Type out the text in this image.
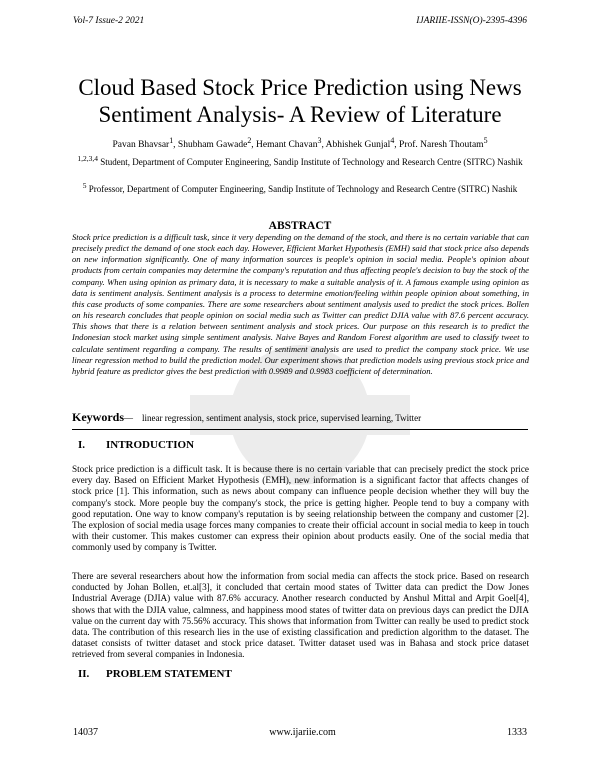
Vol-7 Issue-2 2021	IJARIIE-ISSN(O)-2395-4396
Cloud Based Stock Price Prediction using News Sentiment Analysis- A Review of Literature
Pavan Bhavsar$^1$, Shubham Gawade$^2$, Hemant Chavan$^3$, Abhishek Gunjal$^4$, Prof. Naresh Thoutam$^5$
$^{1,2,3,4}$ Student, Department of Computer Engineering, Sandip Institute of Technology and Research Centre (SITRC) Nashik
$^5$ Professor, Department of Computer Engineering, Sandip Institute of Technology and Research Centre (SITRC) Nashik
ABSTRACT
Stock price prediction is a difficult task, since it very depending on the demand of the stock, and there is no certain variable that can precisely predict the demand of one stock each day. However, Efficient Market Hypothesis (EMH) said that stock price also depends on new information significantly. One of many information sources is people's opinion in social media. People's opinion about products from certain companies may determine the company's reputation and thus affecting people's decision to buy the stock of the company. When using opinion as primary data, it is necessary to make a suitable analysis of it. A famous example using opinion as data is sentiment analysis. Sentiment analysis is a process to determine emotion/feeling within people opinion about something, in this case products of some companies. There are some researchers about sentiment analysis used to predict the stock prices. Bollen on his research concludes that people opinion on social media such as Twitter can predict DJIA value with 87.6 percent accuracy. This shows that there is a relation between sentiment analysis and stock prices. Our purpose on this research is to predict the Indonesian stock market using simple sentiment analysis. Naive Bayes and Random Forest algorithm are used to classify tweet to calculate sentiment regarding a company. The results of sentiment analysis are used to predict the company stock price. We use linear regression method to build the prediction model. Our experiment shows that prediction models using previous stock price and hybrid feature as predictor gives the best prediction with 0.9989 and 0.9983 coefficient of determination.
Keywords— linear regression, sentiment analysis, stock price, supervised learning, Twitter
I. INTRODUCTION
Stock price prediction is a difficult task. It is because there is no certain variable that can precisely predict the stock price every day. Based on Efficient Market Hypothesis (EMH), new information is a significant factor that affects changes of stock price [1]. This information, such as news about company can influence people decision whether they will buy the company's stock. More people buy the company's stock, the price is getting higher. People tend to buy a company with good reputation. One way to know company's reputation is by seeing relationship between the company and customer [2]. The explosion of social media usage forces many companies to create their official account in social media to keep in touch with their customer. This makes customer can express their opinion about products easily. One of the social media that commonly used by company is Twitter.
There are several researchers about how the information from social media can affects the stock price. Based on research conducted by Johan Bollen, et.al[3], it concluded that certain mood states of Twitter data can predict the Dow Jones Industrial Average (DJIA) value with 87.6% accuracy. Another research conducted by Anshul Mittal and Arpit Goel[4], shows that with the DJIA value, calmness, and happiness mood states of twitter data on previous days can predict the DJIA value on the current day with 75.56% accuracy. This shows that information from Twitter can really be used to predict stock data. The contribution of this research lies in the use of existing classification and prediction algorithm to the dataset. The dataset consists of twitter dataset and stock price dataset. Twitter dataset used was in Bahasa and stock price dataset retrieved from several companies in Indonesia.
II. PROBLEM STATEMENT
14037	www.ijariie.com	1333
